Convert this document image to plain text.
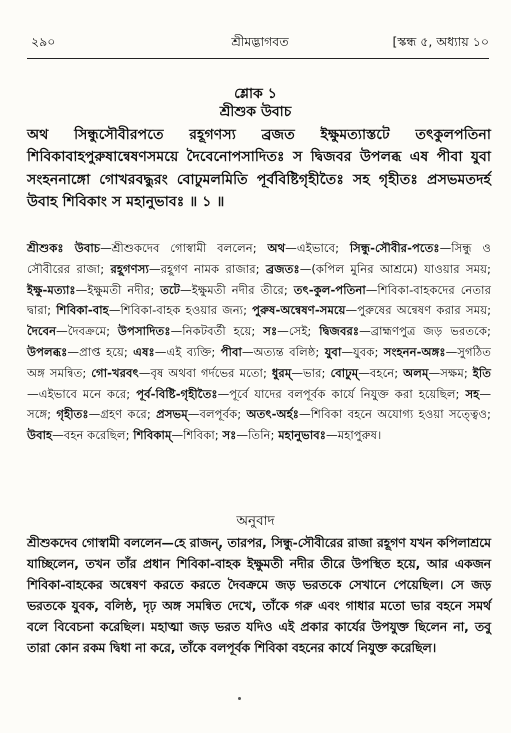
২৯০	শ্রীমদ্ভাগবত	[স্কন্ধ ৫, অধ্যায় ১০
শ্লোক ১
শ্রীশুক উবাচ
অথ সিন্ধুসৌবীরপতে রহূগণস্য ব্রজত ইক্ষুমত্যাস্তটে তৎকুলপতিনা শিবিকাবাহপুরুষান্বেষণসময়ে দৈবেনোপসাদিতঃ স দ্বিজবর উপলব্ধ এষ পীবা যুবা সংহননাঙ্গো গোখরবদ্ধুরং বোঢুমলমিতি পূর্ববিষ্টিগৃহীতৈঃ সহ গৃহীতঃ প্রসভমতদর্হ উবাহ শিবিকাং স মহানুভাবঃ ॥ ১ ॥
শ্রীশুকঃ উবাচ—শ্রীশুকদেব গোস্বামী বললেন; অথ—এইভাবে; সিন্ধু-সৌবীর-পতেঃ—সিন্ধু ও সৌবীরের রাজা; রহূগণস্য—রহূগণ নামক রাজার; ব্রজতঃ—(কপিল মুনির আশ্রমে) যাওয়ার সময়; ইক্ষু-মত্যাঃ—ইক্ষুমতী নদীর; তটে—ইক্ষুমতী নদীর তীরে; তৎ-কুল-পতিনা—শিবিকা-বাহকদের নেতার দ্বারা; শিবিকা-বাহ—শিবিকা-বাহক হওয়ার জন্য; পুরুষ-অন্বেষণ-সময়ে—পুরুষের অন্বেষণ করার সময়; দৈবেন—দৈবক্রমে; উপসাদিতঃ—নিকটবর্তী হয়ে; সঃ—সেই; দ্বিজবরঃ—ব্রাহ্মণপুত্র জড় ভরতকে; উপলব্ধঃ—প্রাপ্ত হয়ে; এষঃ—এই ব্যক্তি; পীবা—অত্যন্ত বলিষ্ঠ; যুবা—যুবক; সংহনন-অঙ্গঃ—সুগঠিত অঙ্গ সমন্বিত; গো-খরবৎ—বৃষ অথবা গর্দভের মতো; ধুরম্—ভার; বোঢুম্—বহনে; অলম্—সক্ষম; ইতি—এইভাবে মনে করে; পূর্ব-বিষ্টি-গৃহীতৈঃ—পূর্বে যাদের বলপূর্বক কার্যে নিযুক্ত করা হয়েছিল; সহ—সঙ্গে; গৃহীতঃ—গ্রহণ করে; প্রসভম্—বলপূর্বক; অতৎ-অর্হঃ—শিবিকা বহনে অযোগ্য হওয়া সত্ত্বেও; উবাহ—বহন করেছিল; শিবিকাম্—শিবিকা; সঃ—তিনি; মহানুভাবঃ—মহাপুরুষ।
অনুবাদ
শ্রীশুকদেব গোস্বামী বললেন—হে রাজন্, তারপর, সিন্ধু-সৌবীরের রাজা রহূগণ যখন কপিলাশ্রমে যাচ্ছিলেন, তখন তাঁর প্রধান শিবিকা-বাহক ইক্ষুমতী নদীর তীরে উপস্থিত হয়ে, আর একজন শিবিকা-বাহকের অন্বেষণ করতে করতে দৈবক্রমে জড় ভরতকে সেখানে পেয়েছিল। সে জড় ভরতকে যুবক, বলিষ্ঠ, দৃঢ় অঙ্গ সমন্বিত দেখে, তাঁকে গরু এবং গাধার মতো ভার বহনে সমর্থ বলে বিবেচনা করেছিল। মহাত্মা জড় ভরত যদিও এই প্রকার কার্যের উপযুক্ত ছিলেন না, তবু তারা কোন রকম দ্বিধা না করে, তাঁকে বলপূর্বক শিবিকা বহনের কার্যে নিযুক্ত করেছিল।
